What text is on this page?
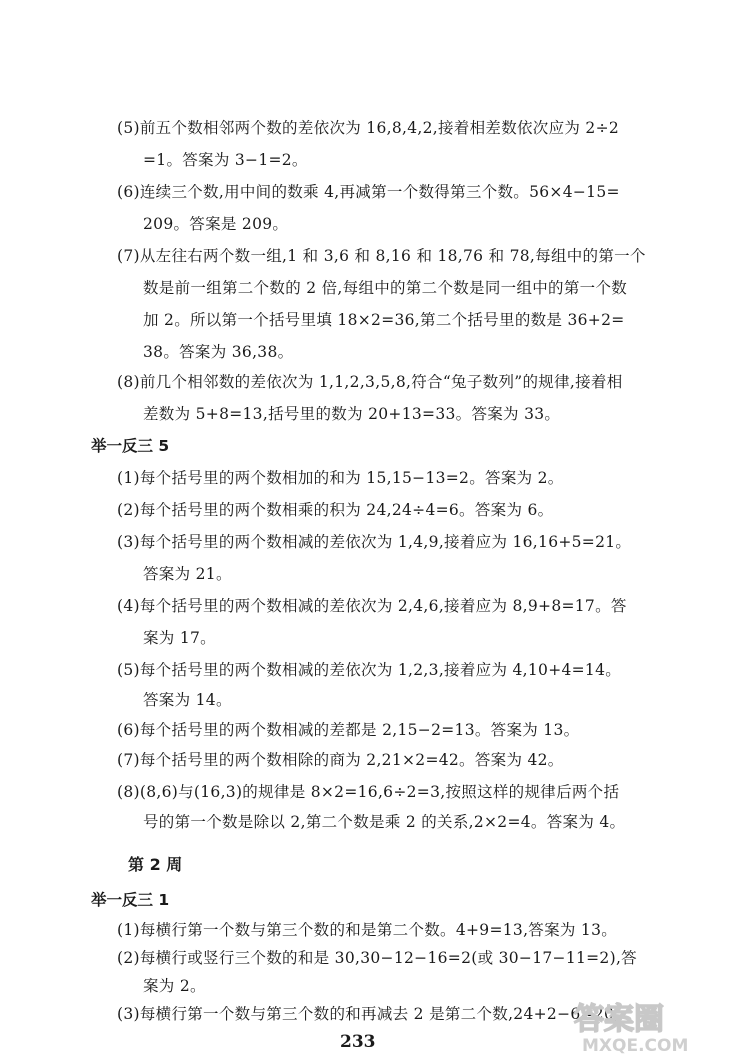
(5)前五个数相邻两个数的差依次为 16,8,4,2,接着相差数依次应为 2÷2
=1。答案为 3−1=2。
(6)连续三个数,用中间的数乘 4,再减第一个数得第三个数。56×4−15=
209。答案是 209。
(7)从左往右两个数一组,1 和 3,6 和 8,16 和 18,76 和 78,每组中的第一个
数是前一组第二个数的 2 倍,每组中的第二个数是同一组中的第一个数
加 2。所以第一个括号里填 18×2=36,第二个括号里的数是 36+2=
38。答案为 36,38。
(8)前几个相邻数的差依次为 1,1,2,3,5,8,符合“兔子数列”的规律,接着相
差数为 5+8=13,括号里的数为 20+13=33。答案为 33。
举一反三 5
(1)每个括号里的两个数相加的和为 15,15−13=2。答案为 2。
(2)每个括号里的两个数相乘的积为 24,24÷4=6。答案为 6。
(3)每个括号里的两个数相减的差依次为 1,4,9,接着应为 16,16+5=21。
答案为 21。
(4)每个括号里的两个数相减的差依次为 2,4,6,接着应为 8,9+8=17。答
案为 17。
(5)每个括号里的两个数相减的差依次为 1,2,3,接着应为 4,10+4=14。
答案为 14。
(6)每个括号里的两个数相减的差都是 2,15−2=13。答案为 13。
(7)每个括号里的两个数相除的商为 2,21×2=42。答案为 42。
(8)(8,6)与(16,3)的规律是 8×2=16,6÷2=3,按照这样的规律后两个括
号的第一个数是除以 2,第二个数是乘 2 的关系,2×2=4。答案为 4。
第 2 周
举一反三 1
(1)每横行第一个数与第三个数的和是第二个数。4+9=13,答案为 13。
(2)每横行或竖行三个数的和是 30,30−12−16=2(或 30−17−11=2),答
案为 2。
(3)每横行第一个数与第三个数的和再减去 2 是第二个数,24+2−6=20,
233
答案圈
MXQE.COM
